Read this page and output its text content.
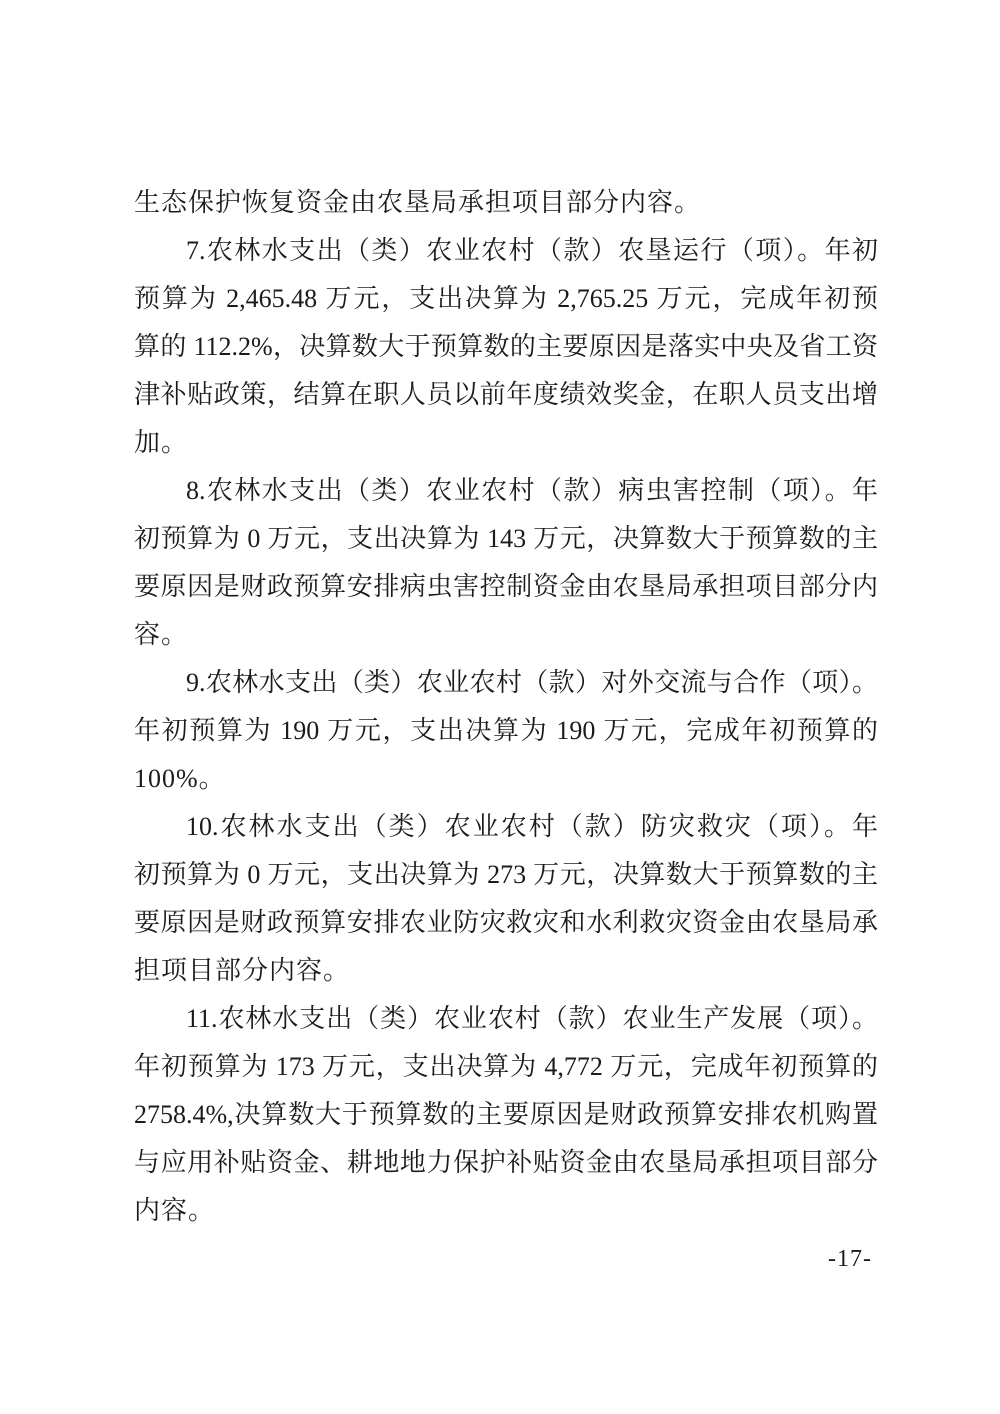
生态保护恢复资金由农垦局承担项目部分内容。
7.农林水支出（类）农业农村（款）农垦运行（项）。年初
预算为 2,465.48 万元，支出决算为 2,765.25 万元，完成年初预
算的 112.2%，决算数大于预算数的主要原因是落实中央及省工资
津补贴政策，结算在职人员以前年度绩效奖金，在职人员支出增
加。
8.农林水支出（类）农业农村（款）病虫害控制（项）。年
初预算为 0 万元，支出决算为 143 万元，决算数大于预算数的主
要原因是财政预算安排病虫害控制资金由农垦局承担项目部分内
容。
9.农林水支出（类）农业农村（款）对外交流与合作（项）。
年初预算为 190 万元，支出决算为 190 万元，完成年初预算的
100%。
10.农林水支出（类）农业农村（款）防灾救灾（项）。年
初预算为 0 万元，支出决算为 273 万元，决算数大于预算数的主
要原因是财政预算安排农业防灾救灾和水利救灾资金由农垦局承
担项目部分内容。
11.农林水支出（类）农业农村（款）农业生产发展（项）。
年初预算为 173 万元，支出决算为 4,772 万元，完成年初预算的
2758.4%,决算数大于预算数的主要原因是财政预算安排农机购置
与应用补贴资金、耕地地力保护补贴资金由农垦局承担项目部分
内容。
-17-
